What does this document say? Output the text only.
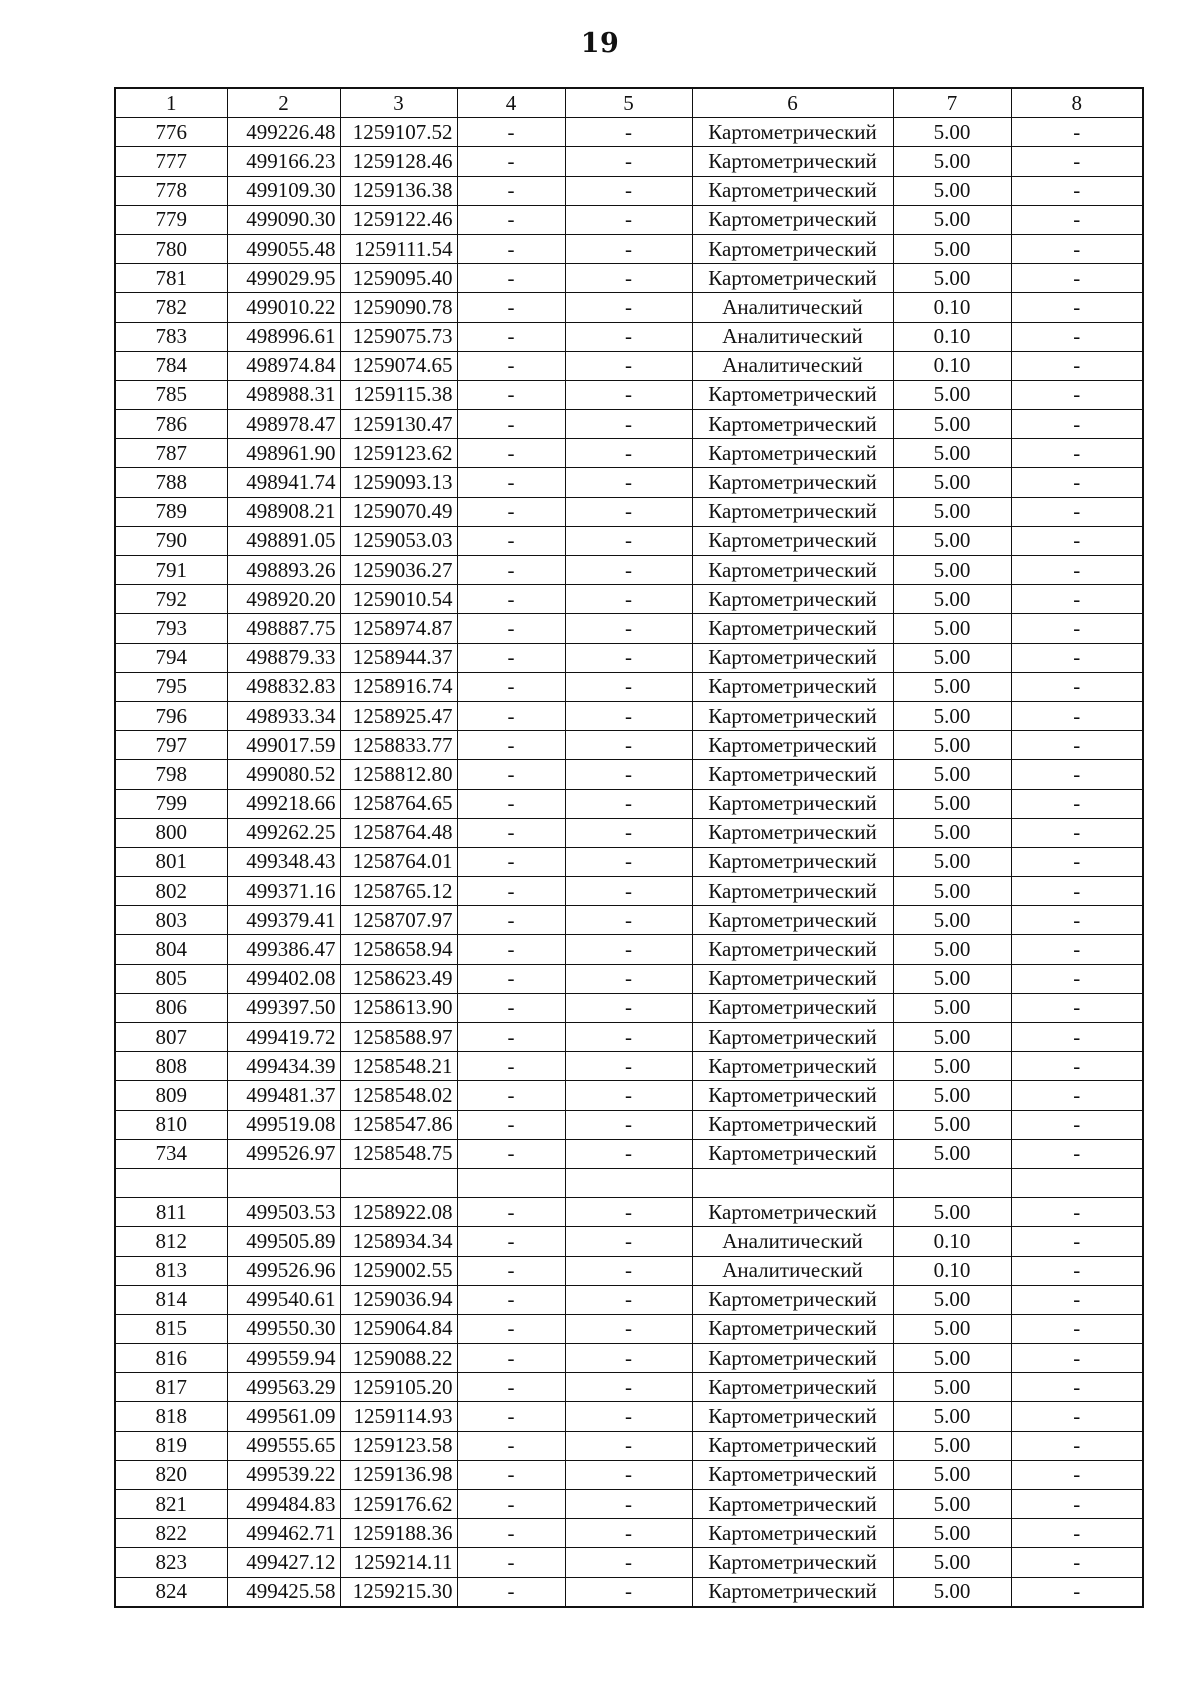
19
1	2	3	4	5	6	7	8
776	499226.48	1259107.52	-	-	Картометрический	5.00	-
777	499166.23	1259128.46	-	-	Картометрический	5.00	-
778	499109.30	1259136.38	-	-	Картометрический	5.00	-
779	499090.30	1259122.46	-	-	Картометрический	5.00	-
780	499055.48	1259111.54	-	-	Картометрический	5.00	-
781	499029.95	1259095.40	-	-	Картометрический	5.00	-
782	499010.22	1259090.78	-	-	Аналитический	0.10	-
783	498996.61	1259075.73	-	-	Аналитический	0.10	-
784	498974.84	1259074.65	-	-	Аналитический	0.10	-
785	498988.31	1259115.38	-	-	Картометрический	5.00	-
786	498978.47	1259130.47	-	-	Картометрический	5.00	-
787	498961.90	1259123.62	-	-	Картометрический	5.00	-
788	498941.74	1259093.13	-	-	Картометрический	5.00	-
789	498908.21	1259070.49	-	-	Картометрический	5.00	-
790	498891.05	1259053.03	-	-	Картометрический	5.00	-
791	498893.26	1259036.27	-	-	Картометрический	5.00	-
792	498920.20	1259010.54	-	-	Картометрический	5.00	-
793	498887.75	1258974.87	-	-	Картометрический	5.00	-
794	498879.33	1258944.37	-	-	Картометрический	5.00	-
795	498832.83	1258916.74	-	-	Картометрический	5.00	-
796	498933.34	1258925.47	-	-	Картометрический	5.00	-
797	499017.59	1258833.77	-	-	Картометрический	5.00	-
798	499080.52	1258812.80	-	-	Картометрический	5.00	-
799	499218.66	1258764.65	-	-	Картометрический	5.00	-
800	499262.25	1258764.48	-	-	Картометрический	5.00	-
801	499348.43	1258764.01	-	-	Картометрический	5.00	-
802	499371.16	1258765.12	-	-	Картометрический	5.00	-
803	499379.41	1258707.97	-	-	Картометрический	5.00	-
804	499386.47	1258658.94	-	-	Картометрический	5.00	-
805	499402.08	1258623.49	-	-	Картометрический	5.00	-
806	499397.50	1258613.90	-	-	Картометрический	5.00	-
807	499419.72	1258588.97	-	-	Картометрический	5.00	-
808	499434.39	1258548.21	-	-	Картометрический	5.00	-
809	499481.37	1258548.02	-	-	Картометрический	5.00	-
810	499519.08	1258547.86	-	-	Картометрический	5.00	-
734	499526.97	1258548.75	-	-	Картометрический	5.00	-

811	499503.53	1258922.08	-	-	Картометрический	5.00	-
812	499505.89	1258934.34	-	-	Аналитический	0.10	-
813	499526.96	1259002.55	-	-	Аналитический	0.10	-
814	499540.61	1259036.94	-	-	Картометрический	5.00	-
815	499550.30	1259064.84	-	-	Картометрический	5.00	-
816	499559.94	1259088.22	-	-	Картометрический	5.00	-
817	499563.29	1259105.20	-	-	Картометрический	5.00	-
818	499561.09	1259114.93	-	-	Картометрический	5.00	-
819	499555.65	1259123.58	-	-	Картометрический	5.00	-
820	499539.22	1259136.98	-	-	Картометрический	5.00	-
821	499484.83	1259176.62	-	-	Картометрический	5.00	-
822	499462.71	1259188.36	-	-	Картометрический	5.00	-
823	499427.12	1259214.11	-	-	Картометрический	5.00	-
824	499425.58	1259215.30	-	-	Картометрический	5.00	-
